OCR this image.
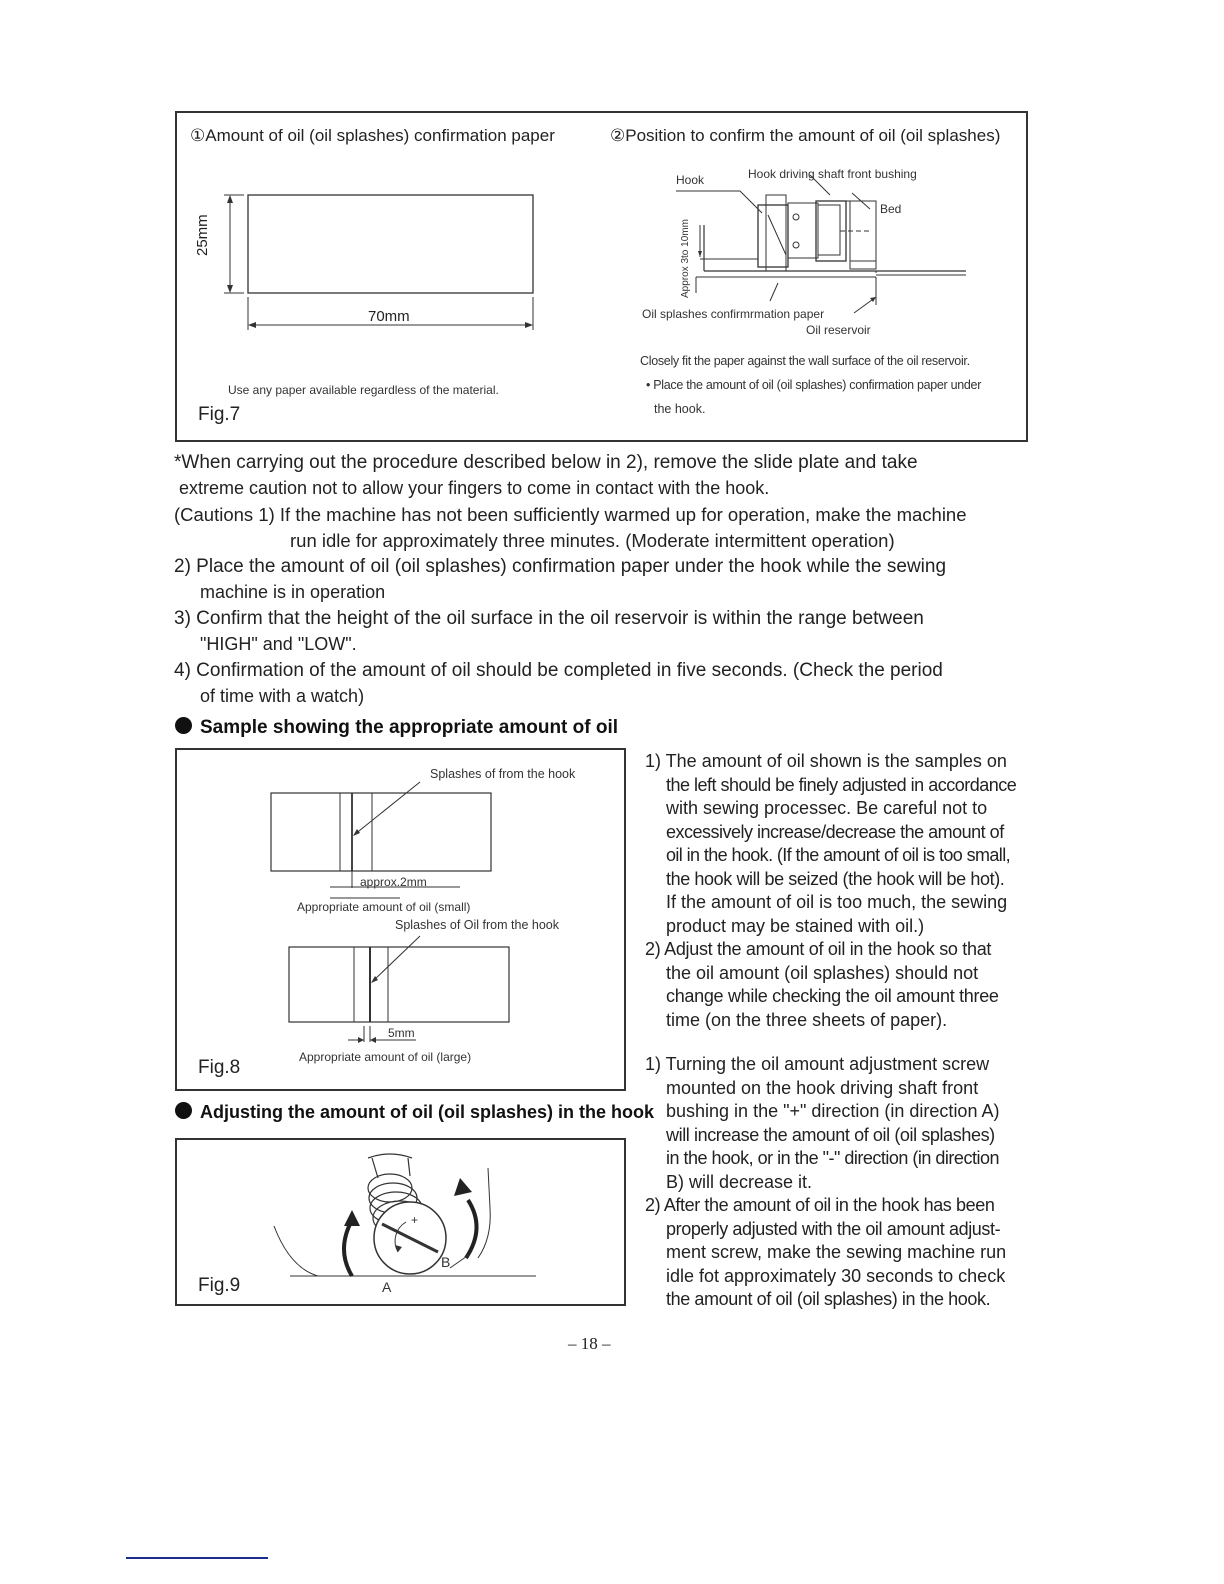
①Amount of oil (oil splashes) confirmation paper	②Position to confirm the amount of oil (oil splashes)
25mm
70mm
Use any paper available regardless of the material.
Fig.7
Hook	Hook driving shaft front bushing
Bed
Approx 3to 10mm
Oil splashes confirmrmation paper
Oil reservoir
Closely fit the paper against the wall surface of the oil reservoir.
• Place the amount of oil (oil splashes) confirmation paper under
the hook.
*When carrying out the procedure described below in 2), remove the slide plate and take
extreme caution not to allow your fingers to come in contact with the hook.
(Cautions 1) If the machine has not been sufficiently warmed up for operation, make the machine
run idle for approximately three minutes. (Moderate intermittent operation)
2) Place the amount of oil (oil splashes) confirmation paper under the hook while the sewing
machine is in operation
3) Confirm that the height of the oil surface in the oil reservoir is within the range between
"HIGH" and "LOW".
4) Confirmation of the amount of oil should be completed in five seconds. (Check the period
of time with a watch)
Sample showing the appropriate amount of oil
Splashes of from the hook
approx.2mm
Appropriate amount of oil (small)
Splashes of Oil from the hook
5mm
Appropriate amount of oil (large)
Fig.8
1) The amount of oil shown is the samples on
the left should be finely adjusted in accordance
with sewing processec. Be careful not to
excessively increase/decrease the amount of
oil in the hook. (If the amount of oil is too small,
the hook will be seized (the hook will be hot).
If the amount of oil is too much, the sewing
product may be stained with oil.)
2) Adjust the amount of oil in the hook so that
the oil amount (oil splashes) should not
change while checking the oil amount three
time (on the three sheets of paper).
Adjusting the amount of oil (oil splashes) in the hook
+
B
A
Fig.9
1) Turning the oil amount adjustment screw
mounted on the hook driving shaft front
bushing in the "+" direction (in direction A)
will increase the amount of oil (oil splashes)
in the hook, or in the "-" direction (in direction
B) will decrease it.
2) After the amount of oil in the hook has been
properly adjusted with the oil amount adjust-
ment screw, make the sewing machine run
idle fot approximately 30 seconds to check
the amount of oil (oil splashes) in the hook.
– 18 –
